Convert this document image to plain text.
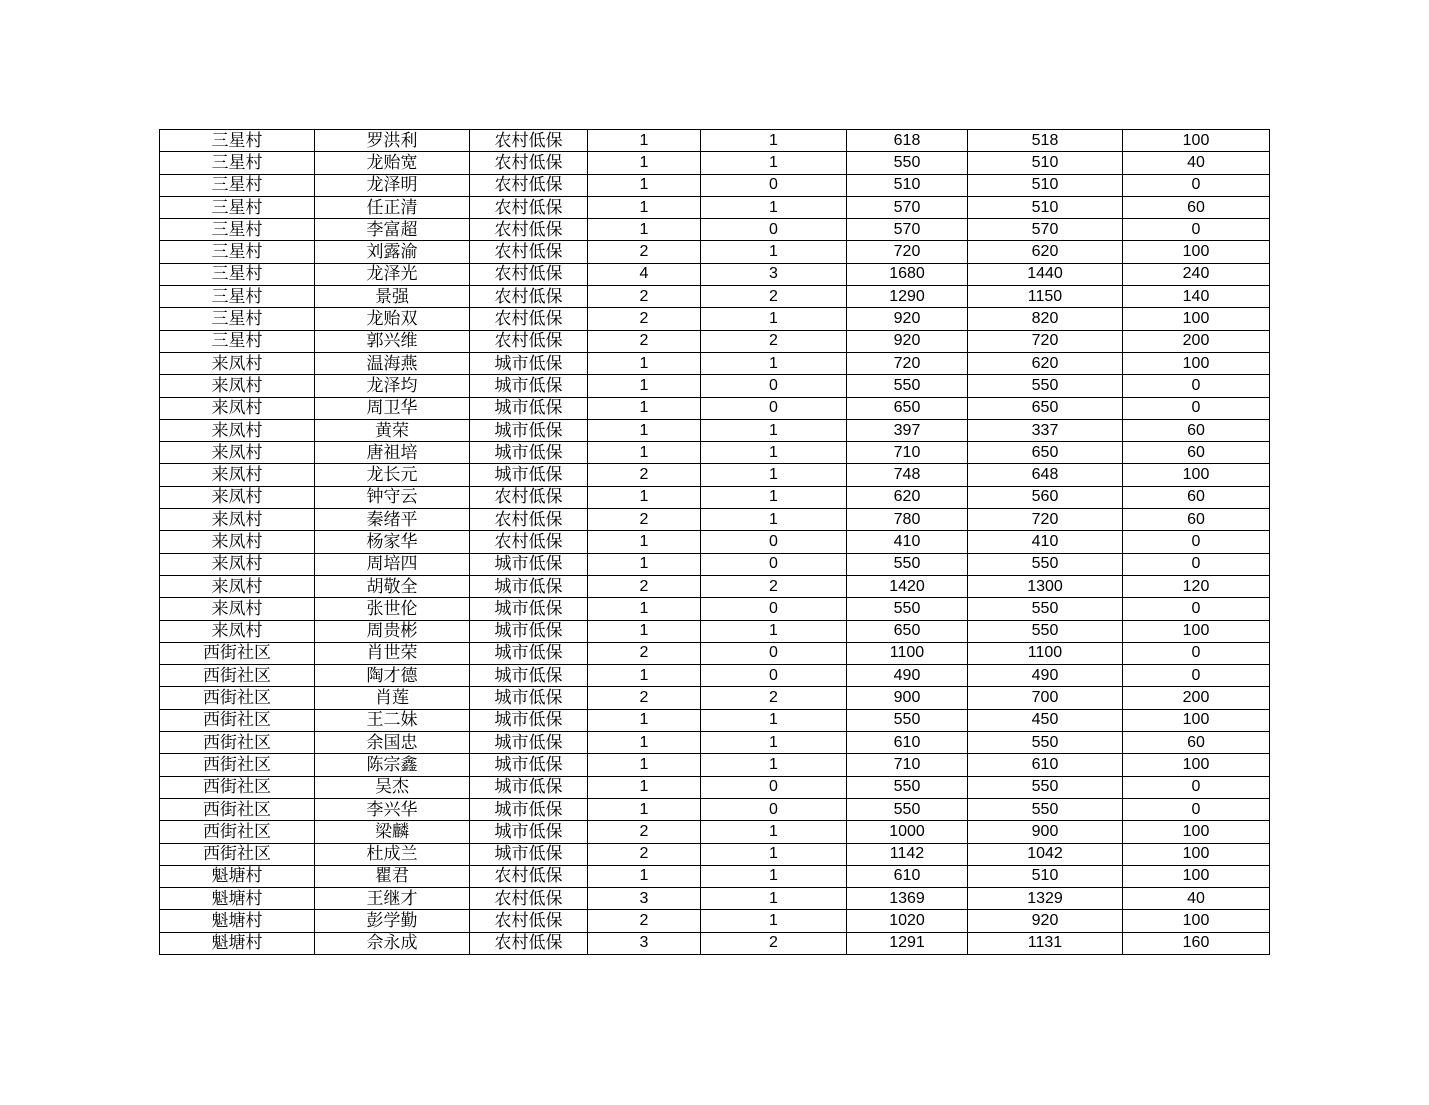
三星村	罗洪利	农村低保	1	1	618	518	100
三星村	龙贻宽	农村低保	1	1	550	510	40
三星村	龙泽明	农村低保	1	0	510	510	0
三星村	任正清	农村低保	1	1	570	510	60
三星村	李富超	农村低保	1	0	570	570	0
三星村	刘露渝	农村低保	2	1	720	620	100
三星村	龙泽光	农村低保	4	3	1680	1440	240
三星村	景强	农村低保	2	2	1290	1150	140
三星村	龙贻双	农村低保	2	1	920	820	100
三星村	郭兴维	农村低保	2	2	920	720	200
来凤村	温海燕	城市低保	1	1	720	620	100
来凤村	龙泽均	城市低保	1	0	550	550	0
来凤村	周卫华	城市低保	1	0	650	650	0
来凤村	黄荣	城市低保	1	1	397	337	60
来凤村	唐祖培	城市低保	1	1	710	650	60
来凤村	龙长元	城市低保	2	1	748	648	100
来凤村	钟守云	农村低保	1	1	620	560	60
来凤村	秦绪平	农村低保	2	1	780	720	60
来凤村	杨家华	农村低保	1	0	410	410	0
来凤村	周培四	城市低保	1	0	550	550	0
来凤村	胡敬全	城市低保	2	2	1420	1300	120
来凤村	张世伦	城市低保	1	0	550	550	0
来凤村	周贵彬	城市低保	1	1	650	550	100
西街社区	肖世荣	城市低保	2	0	1100	1100	0
西街社区	陶才德	城市低保	1	0	490	490	0
西街社区	肖莲	城市低保	2	2	900	700	200
西街社区	王二妹	城市低保	1	1	550	450	100
西街社区	余国忠	城市低保	1	1	610	550	60
西街社区	陈宗鑫	城市低保	1	1	710	610	100
西街社区	吴杰	城市低保	1	0	550	550	0
西街社区	李兴华	城市低保	1	0	550	550	0
西街社区	梁麟	城市低保	2	1	1000	900	100
西街社区	杜成兰	城市低保	2	1	1142	1042	100
魁塘村	瞿君	农村低保	1	1	610	510	100
魁塘村	王继才	农村低保	3	1	1369	1329	40
魁塘村	彭学勤	农村低保	2	1	1020	920	100
魁塘村	佘永成	农村低保	3	2	1291	1131	160
